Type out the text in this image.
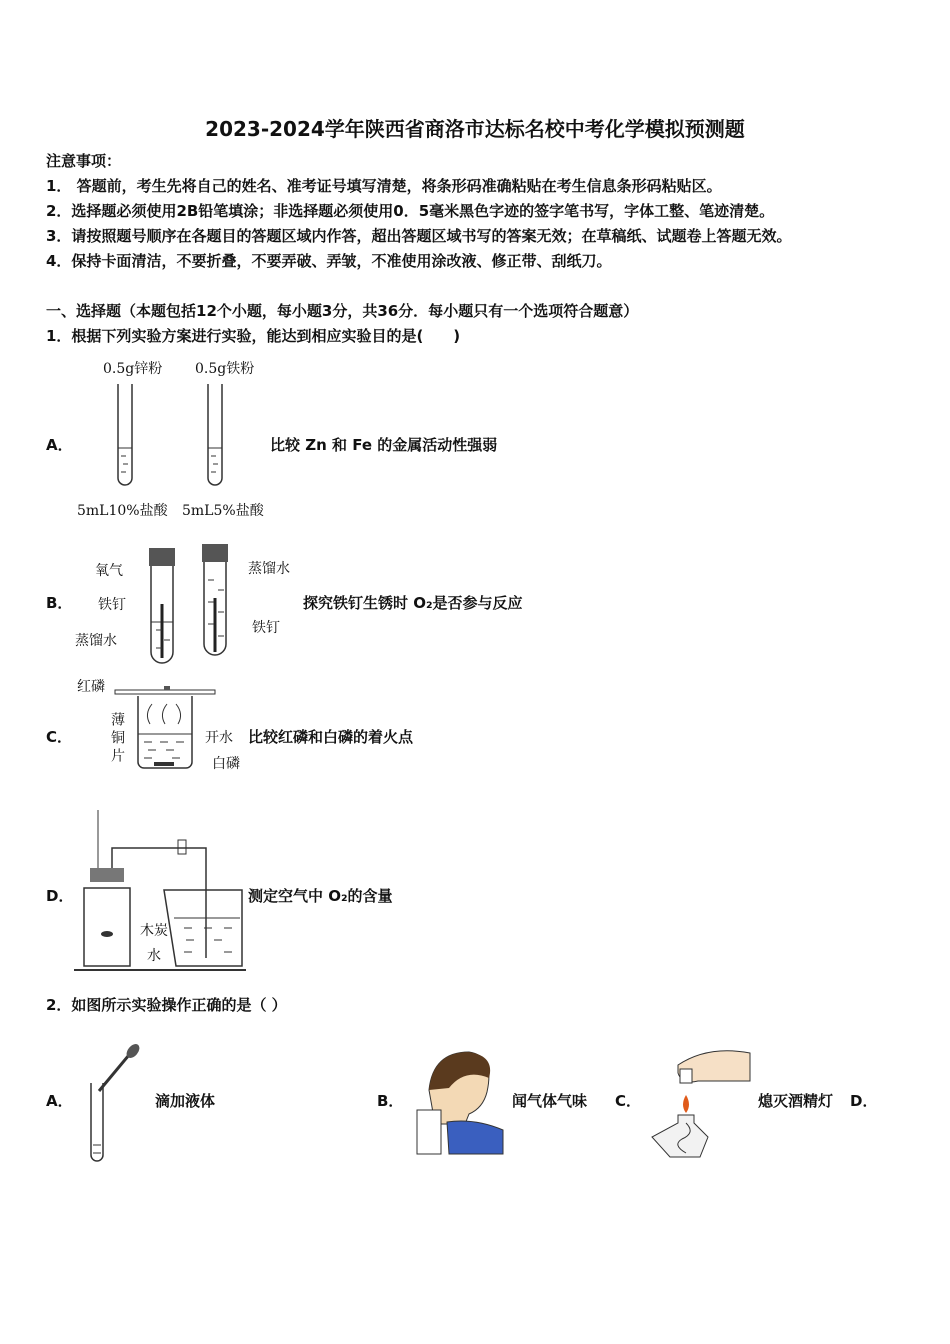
2023-2024学年陕西省商洛市达标名校中考化学模拟预测题
注意事项：
1． 答题前，考生先将自己的姓名、准考证号填写清楚，将条形码准确粘贴在考生信息条形码粘贴区。
2．选择题必须使用2B铅笔填涂；非选择题必须使用0．5毫米黑色字迹的签字笔书写，字体工整、笔迹清楚。
3．请按照题号顺序在各题目的答题区域内作答，超出答题区域书写的答案无效；在草稿纸、试题卷上答题无效。
4．保持卡面清洁，不要折叠，不要弄破、弄皱，不准使用涂改液、修正带、刮纸刀。
一、选择题（本题包括12个小题，每小题3分，共36分．每小题只有一个选项符合题意）
1．根据下列实验方案进行实验，能达到相应实验目的是(　　)
A．
0.5g锌粉 0.5g铁粉
5mL10%盐酸 5mL5%盐酸
比较 Zn 和 Fe 的金属活动性强弱
B．
氧气
铁钉
蒸馏水
蒸馏水
铁钉
探究铁钉生锈时 O₂是否参与反应
C．
红磷
薄铜片	开水
白磷
比较红磷和白磷的着火点
D．
木炭
水
测定空气中 O₂的含量
2．如图所示实验操作正确的是（ ）
A．	滴加液体	B．	闻气体气味 C．	熄灭酒精灯 D．
